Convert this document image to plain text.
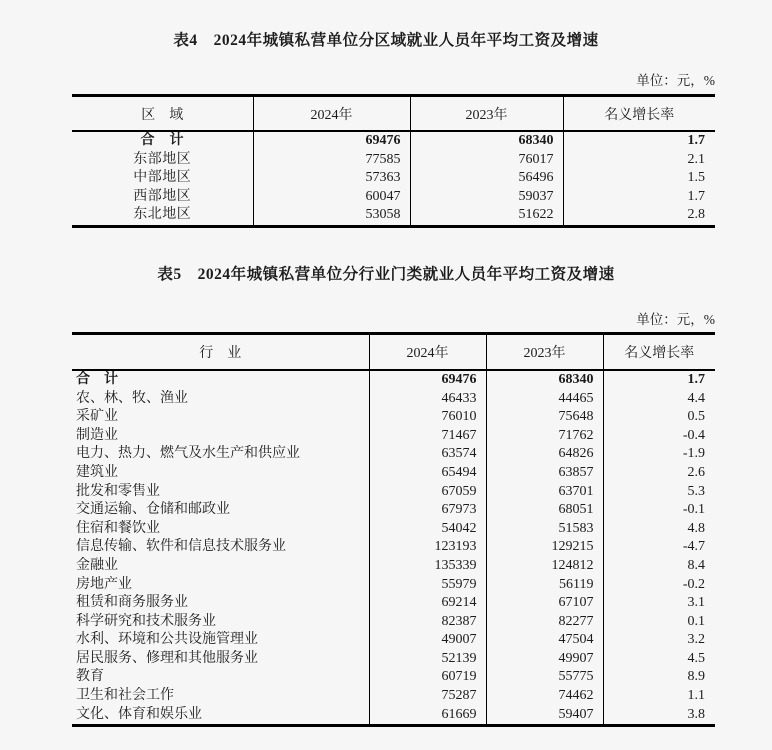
表4　2024年城镇私营单位分区域就业人员年平均工资及增速
单位：元，%
区　域	2024年	2023年	名义增长率
合　计	69476	68340	1.7
东部地区	77585	76017	2.1
中部地区	57363	56496	1.5
西部地区	60047	59037	1.7
东北地区	53058	51622	2.8
表5　2024年城镇私营单位分行业门类就业人员年平均工资及增速
单位：元，%
行　业	2024年	2023年	名义增长率
合　计	69476	68340	1.7
农、林、牧、渔业	46433	44465	4.4
采矿业	76010	75648	0.5
制造业	71467	71762	-0.4
电力、热力、燃气及水生产和供应业	63574	64826	-1.9
建筑业	65494	63857	2.6
批发和零售业	67059	63701	5.3
交通运输、仓储和邮政业	67973	68051	-0.1
住宿和餐饮业	54042	51583	4.8
信息传输、软件和信息技术服务业	123193	129215	-4.7
金融业	135339	124812	8.4
房地产业	55979	56119	-0.2
租赁和商务服务业	69214	67107	3.1
科学研究和技术服务业	82387	82277	0.1
水利、环境和公共设施管理业	49007	47504	3.2
居民服务、修理和其他服务业	52139	49907	4.5
教育	60719	55775	8.9
卫生和社会工作	75287	74462	1.1
文化、体育和娱乐业	61669	59407	3.8
